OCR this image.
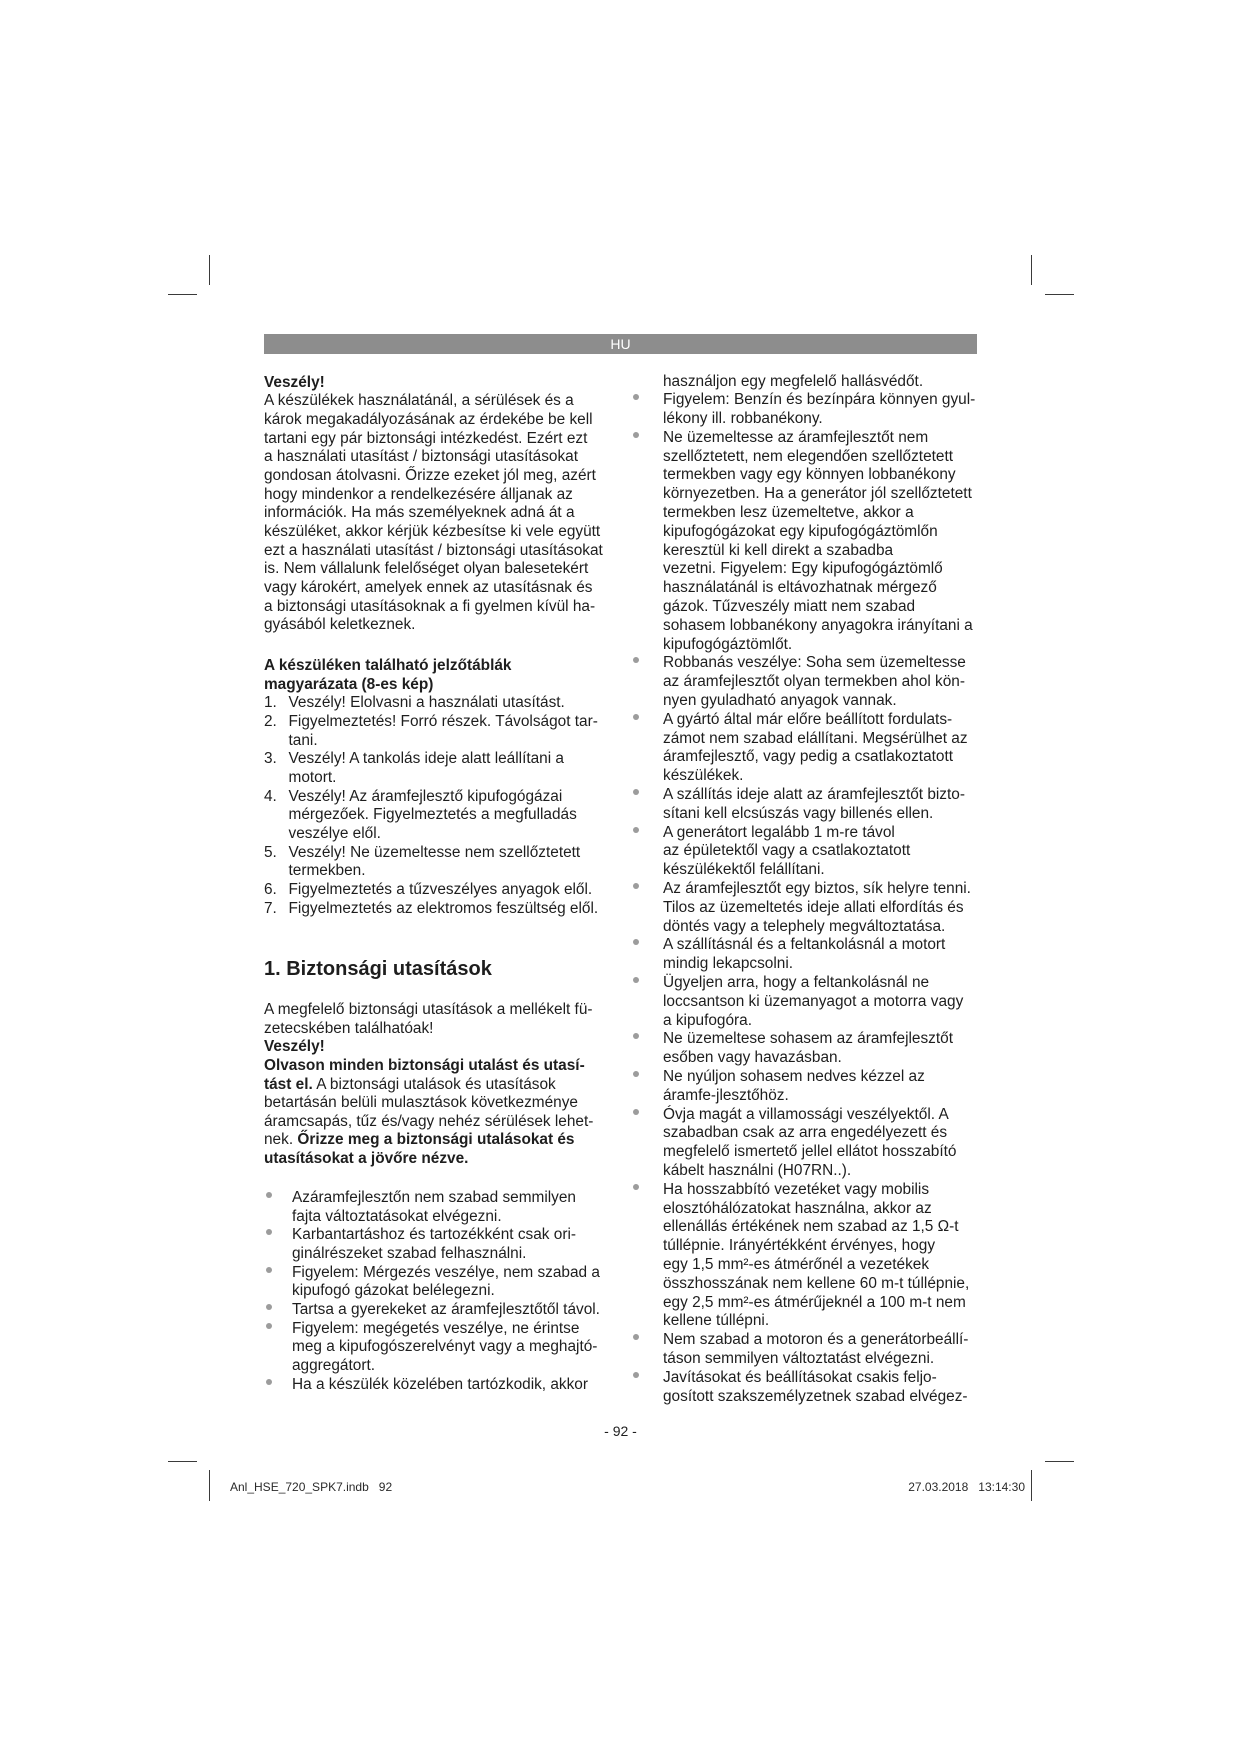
HU
Veszély!
A készülékek használatánál, a sérülések és a
károk megakadályozásának az érdekébe be kell
tartani egy pár biztonsági intézkedést. Ezért ezt
a használati utasítást / biztonsági utasításokat
gondosan átolvasni. Őrizze ezeket jól meg, azért
hogy mindenkor a rendelkezésére álljanak az
információk. Ha más személyeknek adná át a
készüléket, akkor kérjük kézbesítse ki vele együtt
ezt a használati utasítást / biztonsági utasításokat
is. Nem vállalunk felelőséget olyan balesetekért
vagy károkért, amelyek ennek az utasításnak és
a biztonsági utasításoknak a fi gyelmen kívül ha-
gyásából keletkeznek.
A készüléken található jelzőtáblák
magyarázata (8-es kép)
1. Veszély! Elolvasni a használati utasítást.
2. Figyelmeztetés! Forró részek. Távolságot tar-
tani.
3. Veszély! A tankolás ideje alatt leállítani a
motort.
4. Veszély! Az áramfejlesztő kipufogógázai
mérgezőek. Figyelmeztetés a megfulladás
veszélye elől.
5. Veszély! Ne üzemeltesse nem szellőztetett
termekben.
6. Figyelmeztetés a tűzveszélyes anyagok elől.
7. Figyelmeztetés az elektromos feszültség elől.
1. Biztonsági utasítások
A megfelelő biztonsági utasítások a mellékelt fü-
zetecskében találhatóak!
Veszély!
Olvason minden biztonsági utalást és utasí-
tást el. A biztonsági utalások és utasítások
betartásán belüli mulasztások következménye
áramcsapás, tűz és/vagy nehéz sérülések lehet-
nek. Őrizze meg a biztonsági utalásokat és
utasításokat a jövőre nézve.
Azáramfejlesztőn nem szabad semmilyen
fajta változtatásokat elvégezni.
Karbantartáshoz és tartozékként csak ori-
ginálrészeket szabad felhasználni.
Figyelem: Mérgezés veszélye, nem szabad a
kipufogó gázokat belélegezni.
Tartsa a gyerekeket az áramfejlesztőtől távol.
Figyelem: megégetés veszélye, ne érintse
meg a kipufogószerelvényt vagy a meghajtó-
aggregátort.
Ha a készülék közelében tartózkodik, akkor
használjon egy megfelelő hallásvédőt.
Figyelem: Benzín és bezínpára könnyen gyul-
lékony ill. robbanékony.
Ne üzemeltesse az áramfejlesztőt nem
szellőztetett, nem elegendően szellőztetett
termekben vagy egy könnyen lobbanékony
környezetben. Ha a generátor jól szellőztetett
termekben lesz üzemeltetve, akkor a
kipufogógázokat egy kipufogógáztömlőn
keresztül ki kell direkt a szabadba
vezetni. Figyelem: Egy kipufogógáztömlő
használatánál is eltávozhatnak mérgező
gázok. Tűzveszély miatt nem szabad
sohasem lobbanékony anyagokra irányítani a
kipufogógáztömlőt.
Robbanás veszélye: Soha sem üzemeltesse
az áramfejlesztőt olyan termekben ahol kön-
nyen gyuladható anyagok vannak.
A gyártó által már előre beállított fordulats-
zámot nem szabad elállítani. Megsérülhet az
áramfejlesztő, vagy pedig a csatlakoztatott
készülékek.
A szállítás ideje alatt az áramfejlesztőt bizto-
sítani kell elcsúszás vagy billenés ellen.
A generátort legalább 1 m-re távol
az épületektől vagy a csatlakoztatott
készülékektől felállítani.
Az áramfejlesztőt egy biztos, sík helyre tenni.
Tilos az üzemeltetés ideje allati elfordítás és
döntés vagy a telephely megváltoztatása.
A szállításnál és a feltankolásnál a motort
mindig lekapcsolni.
Ügyeljen arra, hogy a feltankolásnál ne
loccsantson ki üzemanyagot a motorra vagy
a kipufogóra.
Ne üzemeltese sohasem az áramfejlesztőt
esőben vagy havazásban.
Ne nyúljon sohasem nedves kézzel az
áramfe-jlesztőhöz.
Óvja magát a villamossági veszélyektől. A
szabadban csak az arra engedélyezett és
megfelelő ismertető jellel ellátot hosszabító
kábelt használni (H07RN..).
Ha hosszabbító vezetéket vagy mobilis
elosztóhálózatokat használna, akkor az
ellenállás értékének nem szabad az 1,5 Ω-t
túllépnie. Irányértékként érvényes, hogy
egy 1,5 mm²-es átmérőnél a vezetékek
összhosszának nem kellene 60 m-t túllépnie,
egy 2,5 mm²-es átmérűjeknél a 100 m-t nem
kellene túllépni.
Nem szabad a motoron és a generátorbeállí-
táson semmilyen változtatást elvégezni.
Javításokat és beállításokat csakis feljo-
gosított szakszemélyzetnek szabad elvégez-
- 92 -
Anl_HSE_720_SPK7.indb   92	27.03.2018   13:14:30
